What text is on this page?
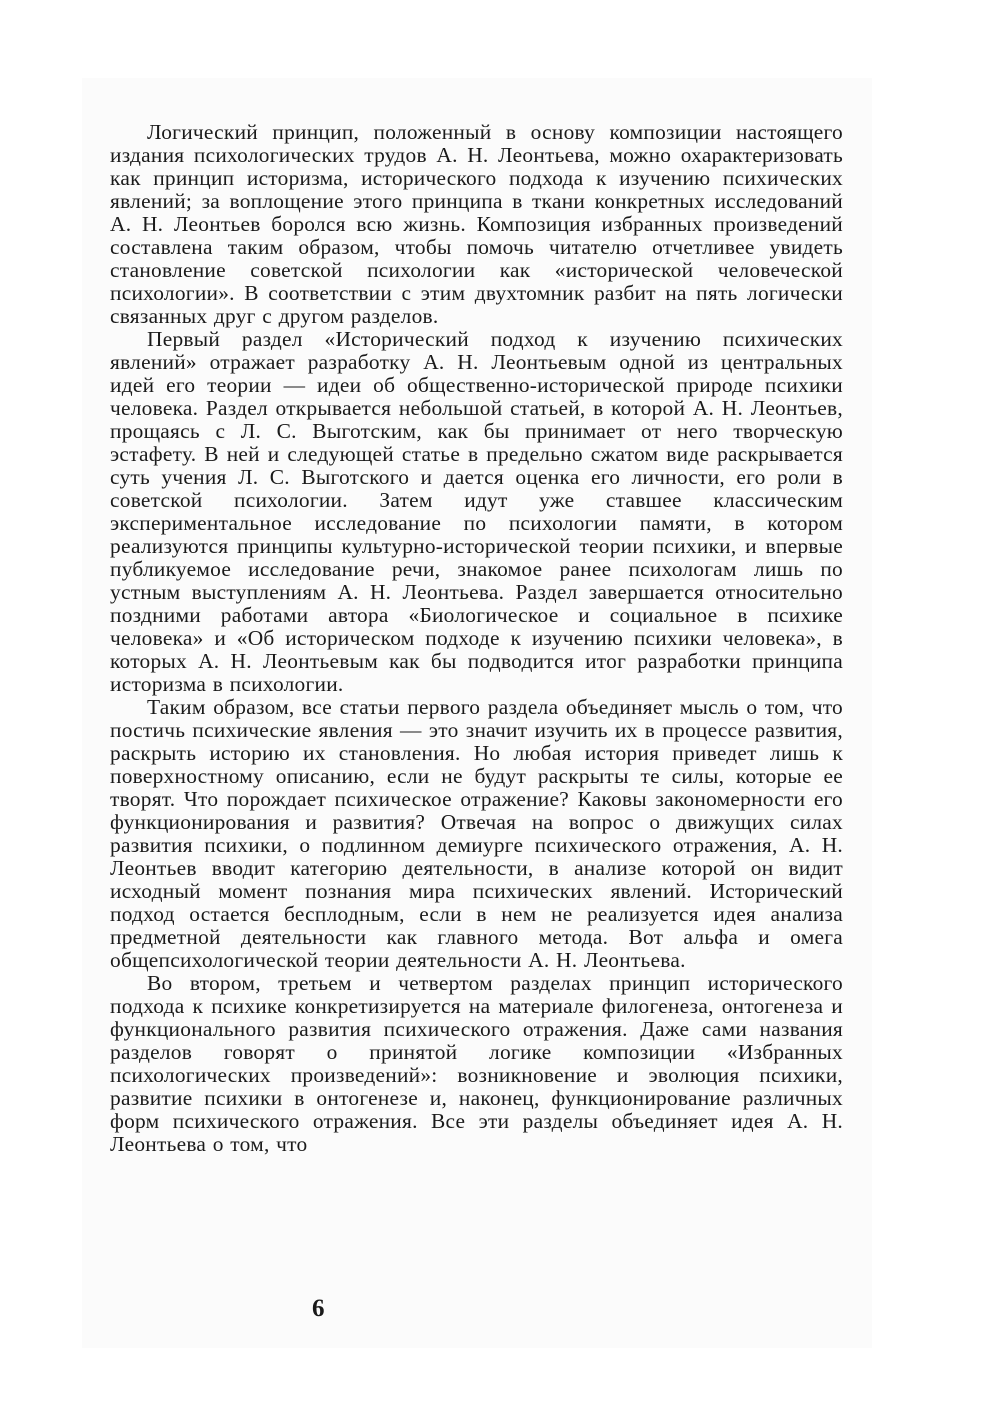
Логический принцип, положенный в основу композиции настоящего издания психологических трудов А. Н. Леонтьева, можно охарактеризовать как принцип историзма, исторического подхода к изучению психических явлений; за воплощение этого принципа в ткани конкретных исследований А. Н. Леонтьев боролся всю жизнь. Композиция избранных произведений составлена таким образом, чтобы помочь читателю отчетливее увидеть становление советской психологии как «исторической человеческой психологии». В соответствии с этим двухтомник разбит на пять логически связанных друг с другом разделов.

Первый раздел «Исторический подход к изучению психических явлений» отражает разработку А. Н. Леонтьевым одной из центральных идей его теории — идеи об общественно-исторической природе психики человека. Раздел открывается небольшой статьей, в которой А. Н. Леонтьев, прощаясь с Л. С. Выготским, как бы принимает от него творческую эстафету. В ней и следующей статье в предельно сжатом виде раскрывается суть учения Л. С. Выготского и дается оценка его личности, его роли в советской психологии. Затем идут уже ставшее классическим экспериментальное исследование по психологии памяти, в котором реализуются принципы культурно-исторической теории психики, и впервые публикуемое исследование речи, знакомое ранее психологам лишь по устным выступлениям А. Н. Леонтьева. Раздел завершается относительно поздними работами автора «Биологическое и социальное в психике человека» и «Об историческом подходе к изучению психики человека», в которых А. Н. Леонтьевым как бы подводится итог разработки принципа историзма в психологии.

Таким образом, все статьи первого раздела объединяет мысль о том, что постичь психические явления — это значит изучить их в процессе развития, раскрыть историю их становления. Но любая история приведет лишь к поверхностному описанию, если не будут раскрыты те силы, которые ее творят. Что порождает психическое отражение? Каковы закономерности его функционирования и развития? Отвечая на вопрос о движущих силах развития психики, о подлинном демиурге психического отражения, А. Н. Леонтьев вводит категорию деятельности, в анализе которой он видит исходный момент познания мира психических явлений. Исторический подход остается бесплодным, если в нем не реализуется идея анализа предметной деятельности как главного метода. Вот альфа и омега общепсихологической теории деятельности А. Н. Леонтьева.

Во втором, третьем и четвертом разделах принцип исторического подхода к психике конкретизируется на материале филогенеза, онтогенеза и функционального развития психического отражения. Даже сами названия разделов говорят о принятой логике композиции «Избранных психологических произведений»: возникновение и эволюция психики, развитие психики в онтогенезе и, наконец, функционирование различных форм психического отражения. Все эти разделы объединяет идея А. Н. Леонтьева о том, что

6
